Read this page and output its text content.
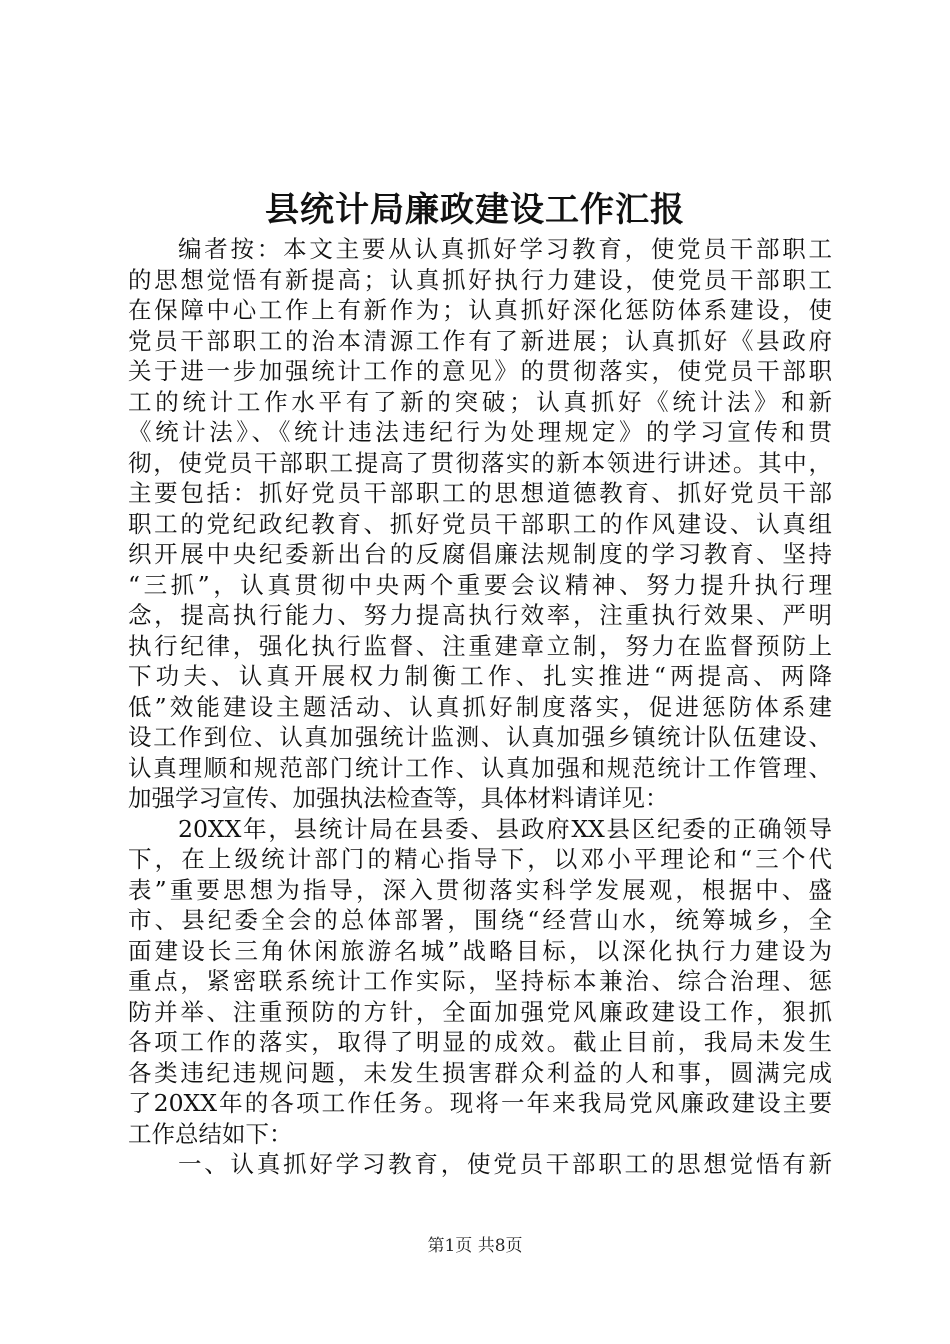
县统计局廉政建设工作汇报
编者按：本文主要从认真抓好学习教育，使党员干部职工
的思想觉悟有新提高；认真抓好执行力建设，使党员干部职工
在保障中心工作上有新作为；认真抓好深化惩防体系建设，使
党员干部职工的治本清源工作有了新进展；认真抓好《县政府
关于进一步加强统计工作的意见》的贯彻落实，使党员干部职
工的统计工作水平有了新的突破；认真抓好《统计法》和新
《统计法》、《统计违法违纪行为处理规定》的学习宣传和贯
彻，使党员干部职工提高了贯彻落实的新本领进行讲述。其中，
主要包括：抓好党员干部职工的思想道德教育、抓好党员干部
职工的党纪政纪教育、抓好党员干部职工的作风建设、认真组
织开展中央纪委新出台的反腐倡廉法规制度的学习教育、坚持
“三抓”，认真贯彻中央两个重要会议精神、努力提升执行理
念，提高执行能力、努力提高执行效率，注重执行效果、严明
执行纪律，强化执行监督、注重建章立制，努力在监督预防上
下功夫、认真开展权力制衡工作、扎实推进“两提高、两降
低”效能建设主题活动、认真抓好制度落实，促进惩防体系建
设工作到位、认真加强统计监测、认真加强乡镇统计队伍建设、
认真理顺和规范部门统计工作、认真加强和规范统计工作管理、
加强学习宣传、加强执法检查等，具体材料请详见：
20XX年，县统计局在县委、县政府XX县区纪委的正确领导
下，在上级统计部门的精心指导下，以邓小平理论和“三个代
表”重要思想为指导，深入贯彻落实科学发展观，根据中、盛
市、县纪委全会的总体部署，围绕“经营山水，统筹城乡，全
面建设长三角休闲旅游名城”战略目标，以深化执行力建设为
重点，紧密联系统计工作实际，坚持标本兼治、综合治理、惩
防并举、注重预防的方针，全面加强党风廉政建设工作，狠抓
各项工作的落实，取得了明显的成效。截止目前，我局未发生
各类违纪违规问题，未发生损害群众利益的人和事，圆满完成
了20XX年的各项工作任务。现将一年来我局党风廉政建设主要
工作总结如下：
一、认真抓好学习教育，使党员干部职工的思想觉悟有新
第1页 共8页
